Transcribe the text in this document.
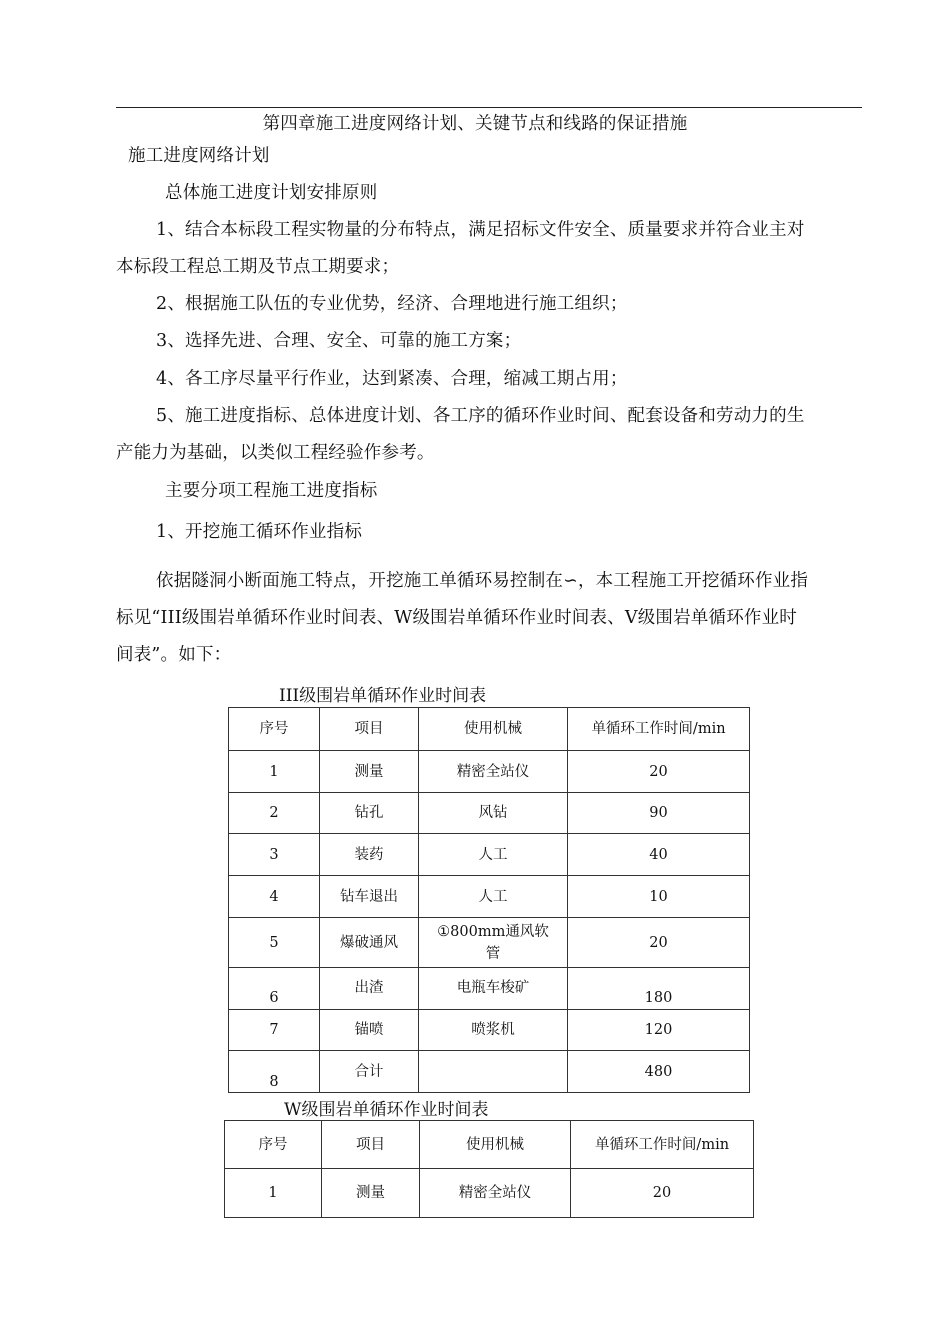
第四章施工进度网络计划、关键节点和线路的保证措施
施工进度网络计划
总体施工进度计划安排原则
1、结合本标段工程实物量的分布特点，满足招标文件安全、质量要求并符合业主对
本标段工程总工期及节点工期要求；
2、根据施工队伍的专业优势，经济、合理地进行施工组织；
3、选择先进、合理、安全、可靠的施工方案；
4、各工序尽量平行作业，达到紧凑、合理，缩减工期占用；
5、施工进度指标、总体进度计划、各工序的循环作业时间、配套设备和劳动力的生
产能力为基础，以类似工程经验作参考。
主要分项工程施工进度指标
1、开挖施工循环作业指标
依据隧洞小断面施工特点，开挖施工单循环易控制在∽，本工程施工开挖循环作业指
标见“III级围岩单循环作业时间表、W级围岩单循环作业时间表、V级围岩单循环作业时
间表”。如下：
III级围岩单循环作业时间表
序号	项目	使用机械	单循环工作时间/min
1	测量	精密全站仪	20
2	钻孔	风钻	90
3	装药	人工	40
4	钻车退出	人工	10
5	爆破通风	①800mm通风软管	20
6	出渣	电瓶车梭矿	180
7	锚喷	喷浆机	120
8	合计		480
W级围岩单循环作业时间表
序号	项目	使用机械	单循环工作时间/min
1	测量	精密全站仪	20
